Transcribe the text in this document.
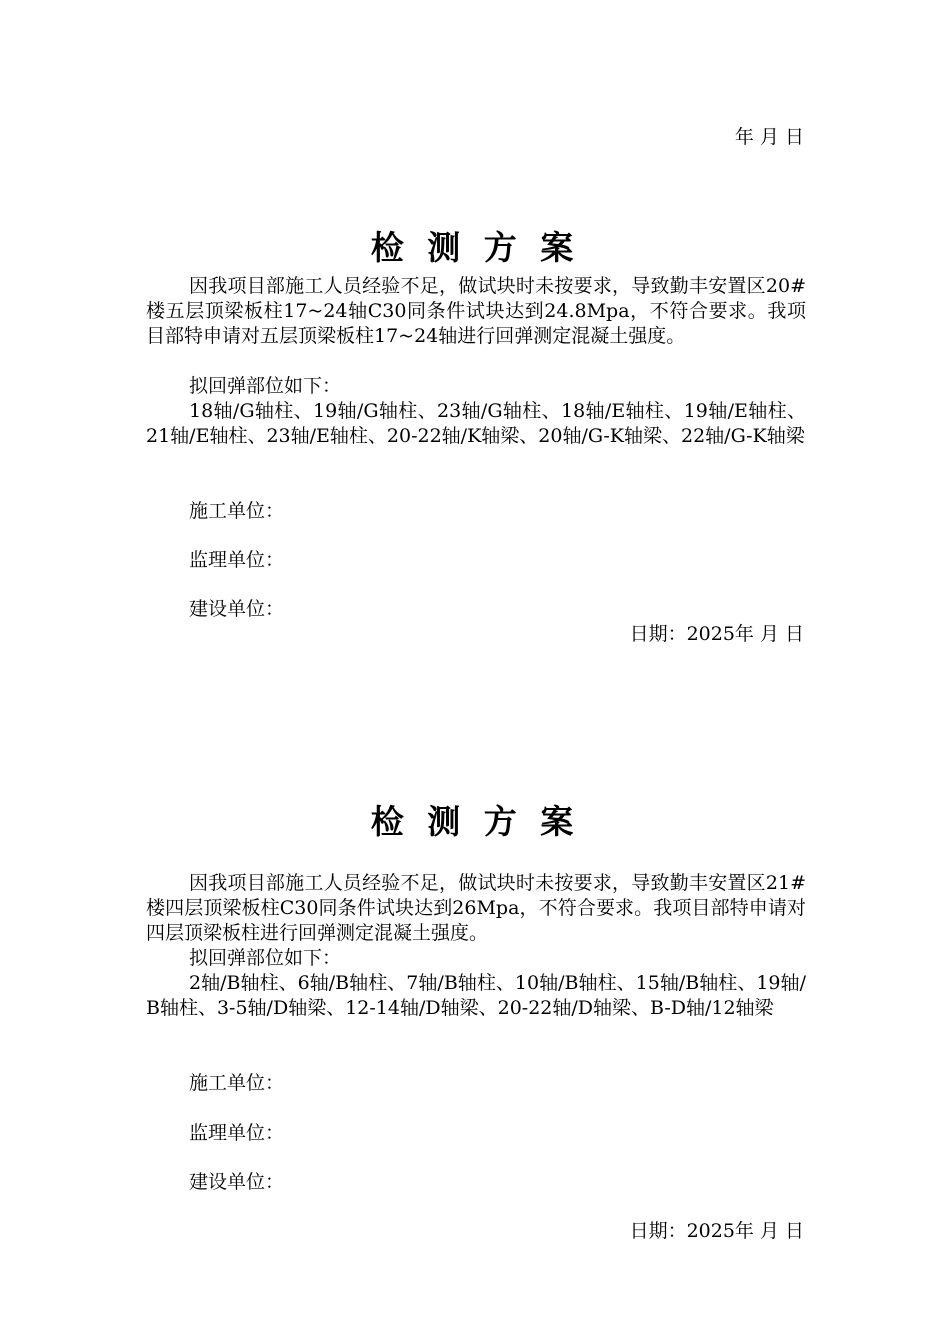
年 月 日
检 测 方 案
因我项目部施工人员经验不足，做试块时未按要求，导致勤丰安置区20#楼五层顶梁板柱17~24轴C30同条件试块达到24.8Mpa，不符合要求。我项目部特申请对五层顶梁板柱17~24轴进行回弹测定混凝土强度。
拟回弹部位如下：
18轴/G轴柱、19轴/G轴柱、23轴/G轴柱、18轴/E轴柱、19轴/E轴柱、21轴/E轴柱、23轴/E轴柱、20-22轴/K轴梁、20轴/G-K轴梁、22轴/G-K轴梁
施工单位：
监理单位：
建设单位：
日期：2025年 月 日
检 测 方 案
因我项目部施工人员经验不足，做试块时未按要求，导致勤丰安置区21#楼四层顶梁板柱C30同条件试块达到26Mpa，不符合要求。我项目部特申请对四层顶梁板柱进行回弹测定混凝土强度。
拟回弹部位如下：
2轴/B轴柱、6轴/B轴柱、7轴/B轴柱、10轴/B轴柱、15轴/B轴柱、19轴/B轴柱、3-5轴/D轴梁、12-14轴/D轴梁、20-22轴/D轴梁、B-D轴/12轴梁
施工单位：
监理单位：
建设单位：
日期：2025年 月 日
